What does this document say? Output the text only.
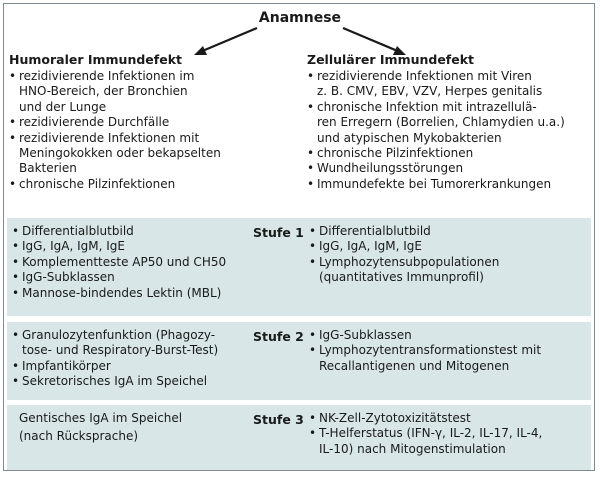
Anamnese
Humoraler Immundefekt
• rezidivierende Infektionen im
HNO-Bereich, der Bronchien
und der Lunge
• rezidivierende Durchfälle
• rezidivierende Infektionen mit
Meningokokken oder bekapselten
Bakterien
• chronische Pilzinfektionen
Zellulärer Immundefekt
• rezidivierende Infektionen mit Viren
z. B. CMV, EBV, VZV, Herpes genitalis
• chronische Infektion mit intrazellulä-
ren Erregern (Borrelien, Chlamydien u.a.)
und atypischen Mykobakterien
• chronische Pilzinfektionen
• Wundheilungsstörungen
• Immundefekte bei Tumorerkrankungen
• Differentialblutbild
• IgG, IgA, IgM, IgE
• Komplementteste AP50 und CH50
• IgG-Subklassen
• Mannose-bindendes Lektin (MBL)
Stufe 1 • Differentialblutbild
• IgG, IgA, IgM, IgE
• Lymphozytensubpopulationen
(quantitatives Immunprofil)
• Granulozytenfunktion (Phagozy-
tose- und Respiratory-Burst-Test)
• Impfantikörper
• Sekretorisches IgA im Speichel
Stufe 2 • IgG-Subklassen
• Lymphozytentransformationstest mit
Recallantigenen und Mitogenen
Gentisches IgA im Speichel
(nach Rücksprache)
Stufe 3 • NK-Zell-Zytotoxizitätstest
• T-Helferstatus (IFN-γ, IL-2, IL-17, IL-4,
IL-10) nach Mitogenstimulation
